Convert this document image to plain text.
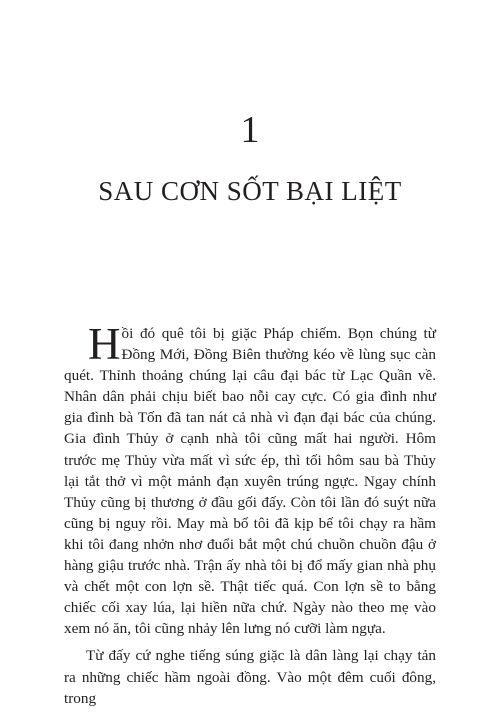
1
SAU CƠN SỐT BẠI LIỆT

Hồi đó quê tôi bị giặc Pháp chiếm. Bọn chúng từ Đồng Mới, Đồng Biên thường kéo về lùng sục càn quét. Thỉnh thoảng chúng lại câu đại bác từ Lạc Quần về. Nhân dân phải chịu biết bao nỗi cay cực. Có gia đình như gia đình bà Tốn đã tan nát cả nhà vì đạn đại bác của chúng. Gia đình Thủy ở cạnh nhà tôi cũng mất hai người. Hôm trước mẹ Thủy vừa mất vì sức ép, thì tối hôm sau bà Thủy lại tắt thở vì một mảnh đạn xuyên trúng ngực. Ngay chính Thủy cũng bị thương ở đầu gối đấy. Còn tôi lần đó suýt nữa cũng bị nguy rồi. May mà bố tôi đã kịp bế tôi chạy ra hầm khi tôi đang nhởn nhơ đuổi bắt một chú chuồn chuồn đậu ở hàng giậu trước nhà. Trận ấy nhà tôi bị đổ mấy gian nhà phụ và chết một con lợn sề. Thật tiếc quá. Con lợn sề to bằng chiếc cối xay lúa, lại hiền nữa chứ. Ngày nào theo mẹ vào xem nó ăn, tôi cũng nhảy lên lưng nó cưỡi làm ngựa.

Từ đấy cứ nghe tiếng súng giặc là dân làng lại chạy tản ra những chiếc hầm ngoài đồng. Vào một đêm cuối đông, trong
